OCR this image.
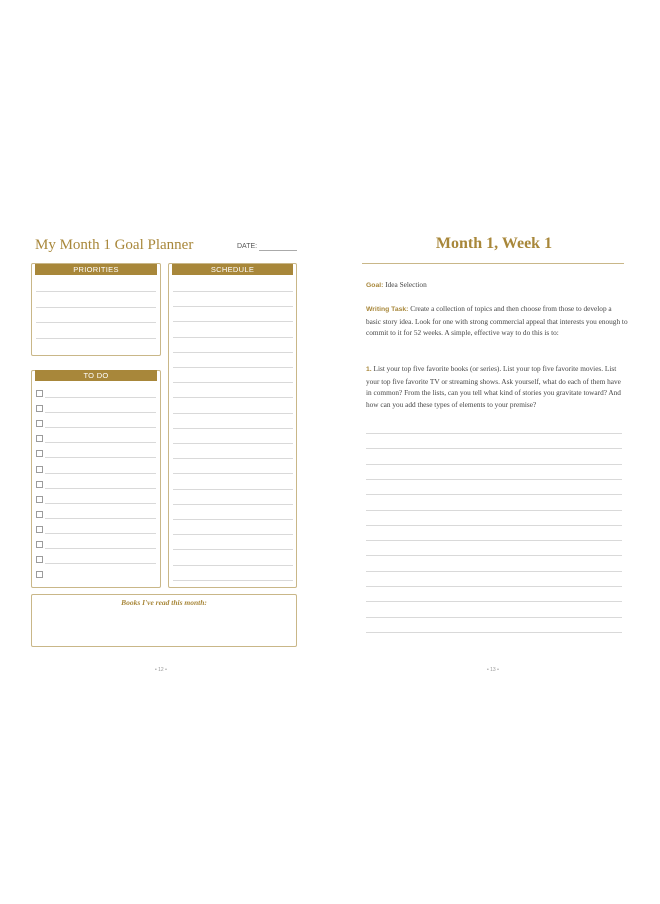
My Month 1 Goal Planner	DATE:
PRIORITIES	SCHEDULE
TO DO
Books I've read this month:
• 12 •
Month 1, Week 1
Goal: Idea Selection
Writing Task: Create a collection of topics and then choose from those to develop a basic story idea. Look for one with strong commercial appeal that interests you enough to commit to it for 52 weeks. A simple, effective way to do this is to:
1. List your top five favorite books (or series). List your top five favorite movies. List your top five favorite TV or streaming shows. Ask yourself, what do each of them have in common? From the lists, can you tell what kind of stories you gravitate toward? And how can you add these types of elements to your premise?
• 13 •
